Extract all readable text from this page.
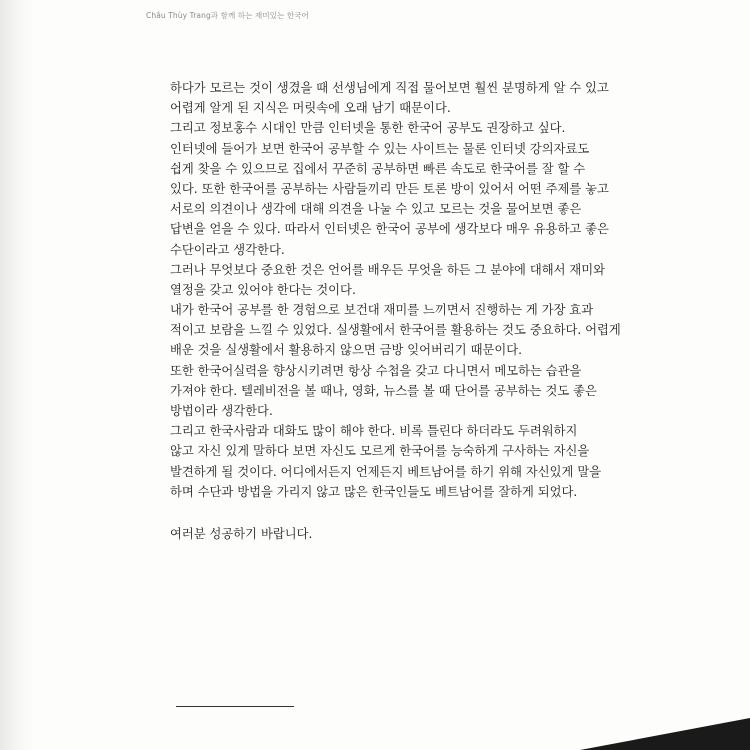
Châu Thùy Trang과 함께 하는 재미있는 한국어
하다가 모르는 것이 생겼을 때 선생님에게 직접 물어보면 훨씬 분명하게 알 수 있고
어렵게 알게 된 지식은 머릿속에 오래 남기 때문이다.
그리고 정보홍수 시대인 만큼 인터넷을 통한 한국어 공부도 권장하고 싶다.
인터넷에 들어가 보면 한국어 공부할 수 있는 사이트는 물론 인터넷 강의자료도
쉽게 찾을 수 있으므로 집에서 꾸준히 공부하면 빠른 속도로 한국어를 잘 할 수
있다. 또한 한국어를 공부하는 사람들끼리 만든 토론 방이 있어서 어떤 주제를 놓고
서로의 의견이나 생각에 대해 의견을 나눌 수 있고 모르는 것을 물어보면 좋은
답변을 얻을 수 있다. 따라서 인터넷은 한국어 공부에 생각보다 매우 유용하고 좋은
수단이라고 생각한다.
그러나 무엇보다 중요한 것은 언어를 배우든 무엇을 하든 그 분야에 대해서 재미와
열정을 갖고 있어야 한다는 것이다.
내가 한국어 공부를 한 경험으로 보건대 재미를 느끼면서 진행하는 게 가장 효과
적이고 보람을 느낄 수 있었다. 실생활에서 한국어를 활용하는 것도 중요하다. 어렵게
배운 것을 실생활에서 활용하지 않으면 금방 잊어버리기 때문이다.
또한 한국어실력을 향상시키려면 항상 수첩을 갖고 다니면서 메모하는 습관을
가져야 한다. 텔레비전을 볼 때나, 영화, 뉴스를 볼 때 단어를 공부하는 것도 좋은
방법이라 생각한다.
그리고 한국사람과 대화도 많이 해야 한다. 비록 틀린다 하더라도 두려워하지
않고 자신 있게 말하다 보면 자신도 모르게 한국어를 능숙하게 구사하는 자신을
발견하게 될 것이다. 어디에서든지 언제든지 베트남어를 하기 위해 자신있게 말을
하며 수단과 방법을 가리지 않고 많은 한국인들도 베트남어를 잘하게 되었다.
여러분 성공하기 바랍니다.
